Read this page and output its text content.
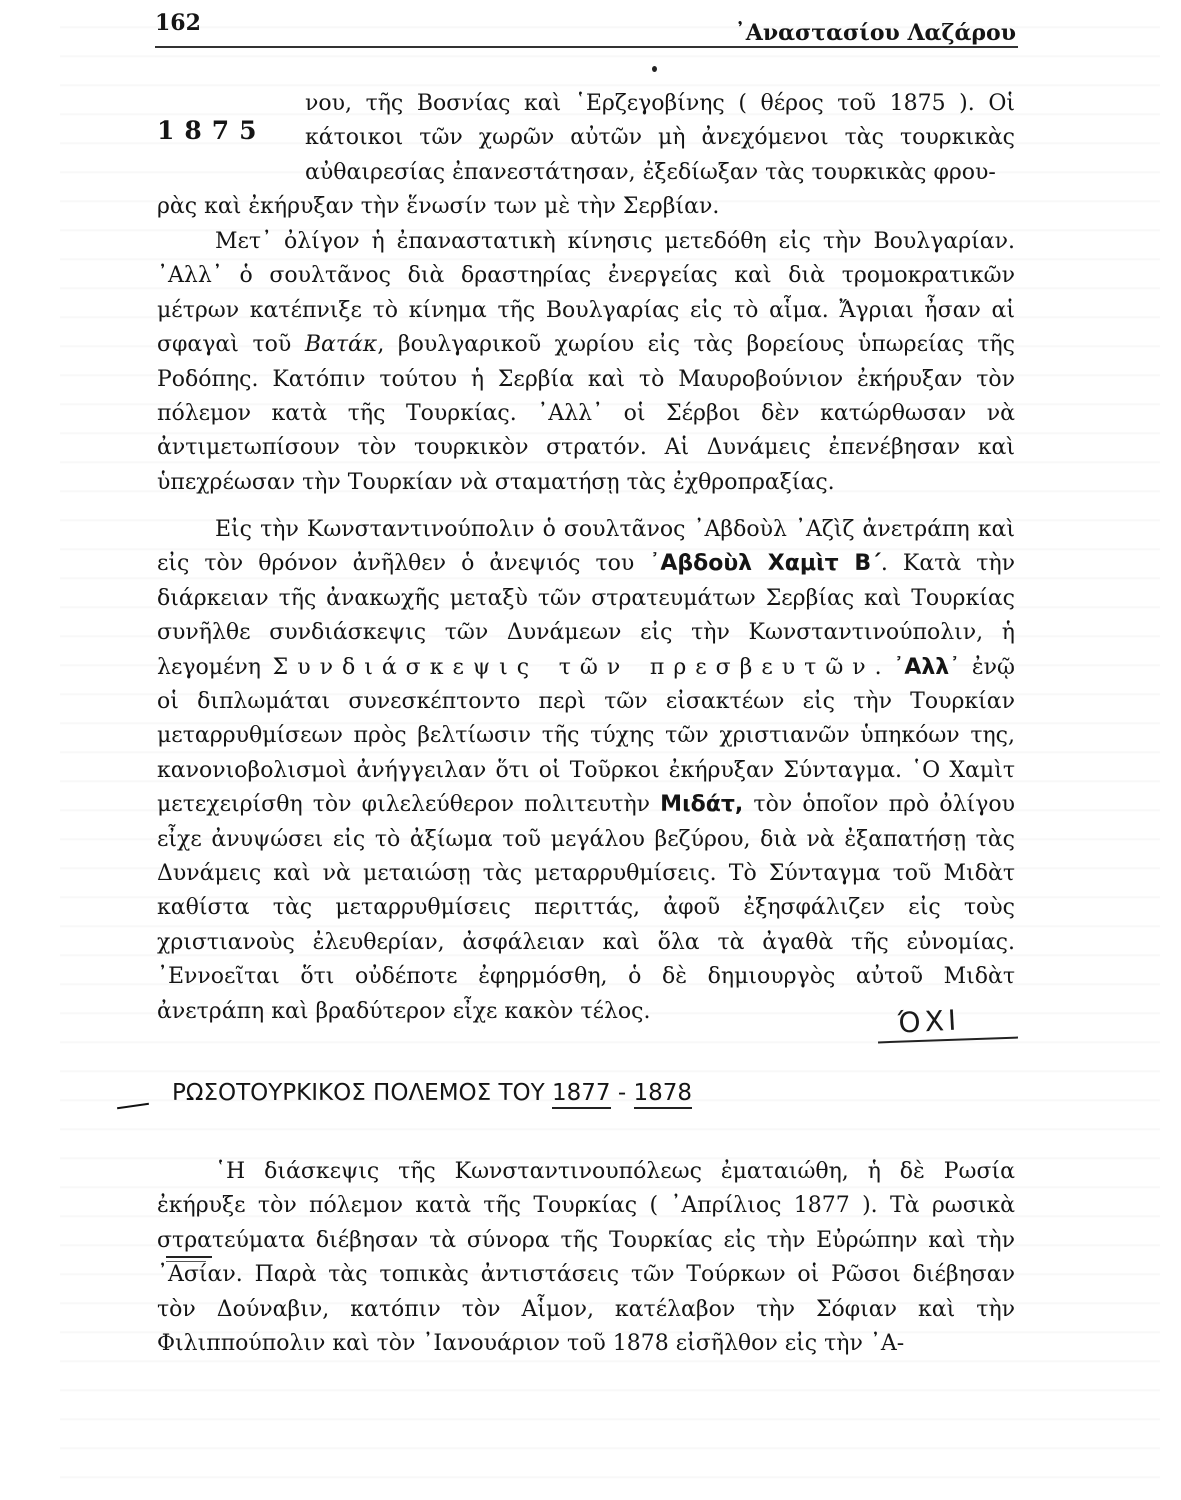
162	᾿Αναστασίου Λαζάρου
1875
νου, τῆς Βοσνίας καὶ ῾Ερζεγοβίνης ( θέρος τοῦ 1875 ). Οἱ κάτοικοι τῶν χωρῶν αὐτῶν μὴ ἀνεχόμενοι τὰς τουρκικὰς αὐθαιρεσίας ἐπανεστάτησαν, ἐξεδίωξαν τὰς τουρκικὰς φρου-
ρὰς καὶ ἐκήρυξαν τὴν ἕνωσίν των μὲ τὴν Σερβίαν.
Μετ᾿ ὀλίγον ἡ ἐπαναστατικὴ κίνησις μετεδόθη εἰς τὴν Βουλγαρίαν. ᾿Αλλ᾿ ὁ σουλτᾶνος διὰ δραστηρίας ἐνεργείας καὶ διὰ τρομοκρατικῶν μέτρων κατέπνιξε τὸ κίνημα τῆς Βουλγαρίας εἰς τὸ αἷμα. Ἄγριαι ἦσαν αἱ σφαγαὶ τοῦ Βατάκ, βουλγαρικοῦ χωρίου εἰς τὰς βορείους ὑπωρείας τῆς Ροδόπης. Κατόπιν τούτου ἡ Σερβία καὶ τὸ Μαυροβούνιον ἐκήρυξαν τὸν πόλεμον κατὰ τῆς Τουρκίας. ᾿Αλλ᾿ οἱ Σέρβοι δὲν κατώρθωσαν νὰ ἀντιμετωπίσουν τὸν τουρκικὸν στρατόν. Αἱ Δυνάμεις ἐπενέβησαν καὶ ὑπεχρέωσαν τὴν Τουρκίαν νὰ σταματήσῃ τὰς ἐχθροπραξίας.
Εἰς τὴν Κωνσταντινούπολιν ὁ σουλτᾶνος ᾿Αβδοὺλ ᾿Αζὶζ ἀνετράπη καὶ εἰς τὸν θρόνον ἀνῆλθεν ὁ ἀνεψιός του ᾿Αβδοὺλ Χαμὶτ Β΄. Κατὰ τὴν διάρκειαν τῆς ἀνακωχῆς μεταξὺ τῶν στρατευμάτων Σερβίας καὶ Τουρκίας συνῆλθε συνδιάσκεψις τῶν Δυνάμεων εἰς τὴν Κωνσταντινούπολιν, ἡ λεγομένη Συνδιάσκεψις τῶν πρεσβευτῶν. ᾿Αλλ᾿ ἐνῷ οἱ διπλωμάται συνεσκέπτοντο περὶ τῶν εἰσακτέων εἰς τὴν Τουρκίαν μεταρρυθμίσεων πρὸς βελτίωσιν τῆς τύχης τῶν χριστιανῶν ὑπηκόων της, κανονιοβολισμοὶ ἀνήγγειλαν ὅτι οἱ Τοῦρκοι ἐκήρυξαν Σύνταγμα. ῾Ο Χαμὶτ μετεχειρίσθη τὸν φιλελεύθερον πολιτευτὴν Μιδάτ, τὸν ὁποῖον πρὸ ὀλίγου εἶχε ἀνυψώσει εἰς τὸ ἀξίωμα τοῦ μεγάλου βεζύρου, διὰ νὰ ἐξαπατήσῃ τὰς Δυνάμεις καὶ νὰ μεταιώσῃ τὰς μεταρρυθμίσεις. Τὸ Σύνταγμα τοῦ Μιδὰτ καθίστα τὰς μεταρρυθμίσεις περιττάς, ἀφοῦ ἐξησφάλιζεν εἰς τοὺς χριστιανοὺς ἐλευθερίαν, ἀσφάλειαν καὶ ὅλα τὰ ἀγαθὰ τῆς εὐνομίας. ᾿Εννοεῖται ὅτι οὐδέποτε ἐφηρμόσθη, ὁ δὲ δημιουργὸς αὐτοῦ Μιδὰτ ἀνετράπη καὶ βραδύτερον εἶχε κακὸν τέλος.	ΌΧΙ
ΡΩΣΟΤΟΥΡΚΙΚΟΣ ΠΟΛΕΜΟΣ ΤΟΥ 1877 - 1878
῾Η διάσκεψις τῆς Κωνσταντινουπόλεως ἐματαιώθη, ἡ δὲ Ρωσία ἐκήρυξε τὸν πόλεμον κατὰ τῆς Τουρκίας ( ᾿Απρίλιος 1877 ). Τὰ ρωσικὰ στρατεύματα διέβησαν τὰ σύνορα τῆς Τουρκίας εἰς τὴν Εὐρώπην καὶ τὴν ᾿Ασίαν. Παρὰ τὰς τοπικὰς ἀντιστάσεις τῶν Τούρκων οἱ Ρῶσοι διέβησαν τὸν Δούναβιν, κατόπιν τὸν Αἷμον, κατέλαβον τὴν Σόφιαν καὶ τὴν Φιλιππούπολιν καὶ τὸν ᾿Ιανουάριον τοῦ 1878 εἰσῆλθον εἰς τὴν ᾿Α-
